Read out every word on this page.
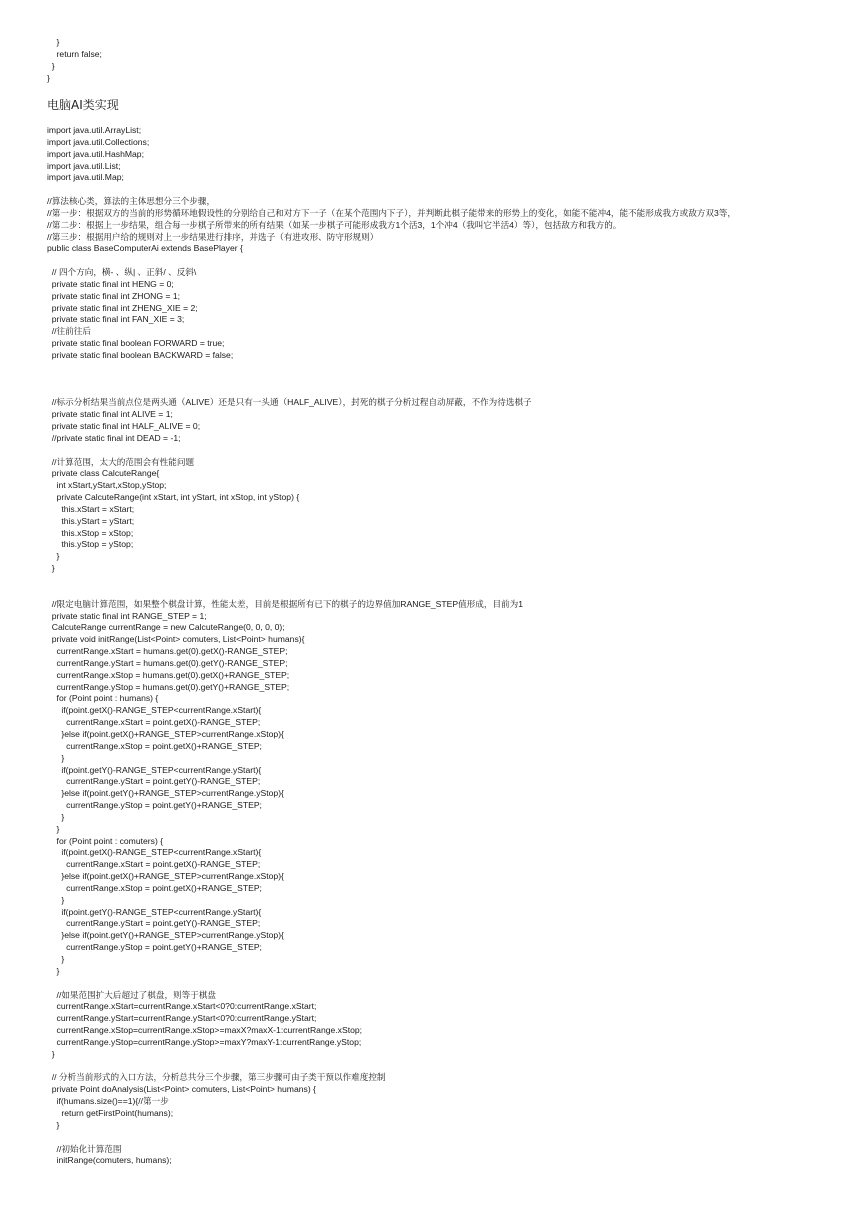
}
return false;
}
}
电脑AI类实现
import java.util.ArrayList;
import java.util.Collections;
import java.util.HashMap;
import java.util.List;
import java.util.Map;
//算法核心类，算法的主体思想分三个步骤，
//第一步：根据双方的当前的形势循环地假设性的分别给自己和对方下一子（在某个范围内下子），并判断此棋子能带来的形势上的变化，如能不能冲4，能不能形成我方或敌方双3等，
//第二步：根据上一步结果，组合每一步棋子所带来的所有结果（如某一步棋子可能形成我方1个活3，1个冲4（我叫它半活4）等），包括敌方和我方的。
//第三步：根据用户给的规则对上一步结果进行排序，并选子（有进攻形、防守形规则）
public class BaseComputerAi extends BasePlayer {

// 四个方向，横- 、纵| 、正斜/ 、反斜\
private static final int HENG = 0;
private static final int ZHONG = 1;
private static final int ZHENG_XIE = 2;
private static final int FAN_XIE = 3;
//往前往后
private static final boolean FORWARD = true;
private static final boolean BACKWARD = false;

//标示分析结果当前点位是两头通（ALIVE）还是只有一头通（HALF_ALIVE），封死的棋子分析过程自动屏蔽，不作为待选棋子
private static final int ALIVE = 1;
private static final int HALF_ALIVE = 0;
//private static final int DEAD = -1;

//计算范围，太大的范围会有性能问题
private class CalcuteRange{
int xStart,yStart,xStop,yStop;
private CalcuteRange(int xStart, int yStart, int xStop, int yStop) {
this.xStart = xStart;
this.yStart = yStart;
this.xStop = xStop;
this.yStop = yStop;
}
}

//限定电脑计算范围，如果整个棋盘计算，性能太差，目前是根据所有已下的棋子的边界值加RANGE_STEP值形成，目前为1
private static final int RANGE_STEP = 1;
CalcuteRange currentRange = new CalcuteRange(0, 0, 0, 0);
private void initRange(List<Point> comuters, List<Point> humans){
currentRange.xStart = humans.get(0).getX()-RANGE_STEP;
currentRange.yStart = humans.get(0).getY()-RANGE_STEP;
currentRange.xStop = humans.get(0).getX()+RANGE_STEP;
currentRange.yStop = humans.get(0).getY()+RANGE_STEP;
for (Point point : humans) {
if(point.getX()-RANGE_STEP<currentRange.xStart){
currentRange.xStart = point.getX()-RANGE_STEP;
}else if(point.getX()+RANGE_STEP>currentRange.xStop){
currentRange.xStop = point.getX()+RANGE_STEP;
}
if(point.getY()-RANGE_STEP<currentRange.yStart){
currentRange.yStart = point.getY()-RANGE_STEP;
}else if(point.getY()+RANGE_STEP>currentRange.yStop){
currentRange.yStop = point.getY()+RANGE_STEP;
}
}
for (Point point : comuters) {
if(point.getX()-RANGE_STEP<currentRange.xStart){
currentRange.xStart = point.getX()-RANGE_STEP;
}else if(point.getX()+RANGE_STEP>currentRange.xStop){
currentRange.xStop = point.getX()+RANGE_STEP;
}
if(point.getY()-RANGE_STEP<currentRange.yStart){
currentRange.yStart = point.getY()-RANGE_STEP;
}else if(point.getY()+RANGE_STEP>currentRange.yStop){
currentRange.yStop = point.getY()+RANGE_STEP;
}
}

//如果范围扩大后超过了棋盘，则等于棋盘
currentRange.xStart=currentRange.xStart<0?0:currentRange.xStart;
currentRange.yStart=currentRange.yStart<0?0:currentRange.yStart;
currentRange.xStop=currentRange.xStop>=maxX?maxX-1:currentRange.xStop;
currentRange.yStop=currentRange.yStop>=maxY?maxY-1:currentRange.yStop;
}

// 分析当前形式的入口方法，分析总共分三个步骤，第三步骤可由子类干预以作难度控制
private Point doAnalysis(List<Point> comuters, List<Point> humans) {
if(humans.size()==1){//第一步
return getFirstPoint(humans);
}

//初始化计算范围
initRange(comuters, humans);
